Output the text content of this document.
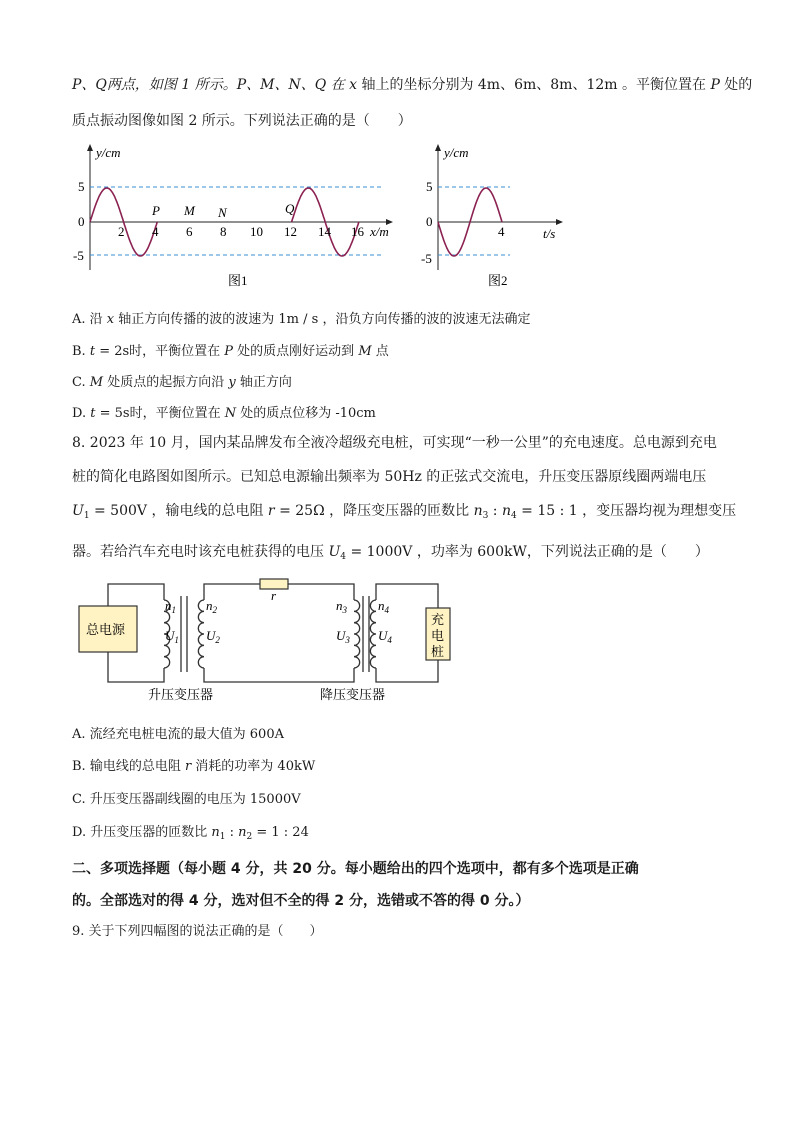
P、Q两点，如图 1 所示。P、M、N、Q 在 x 轴上的坐标分别为 4m、6m、8m、12m 。平衡位置在 P 处的
质点振动图像如图 2 所示。下列说法正确的是（　　）
y/cm
5
0
-5
2 4 6 8 10 12 14 16 x/m
P M N	Q
图1
y/cm
5
0
-5
4	t/s
图2
A. 沿 x 轴正方向传播的波的波速为 1m / s ，沿负方向传播的波的波速无法确定
B. t = 2s时，平衡位置在 P 处的质点刚好运动到 M 点
C. M 处质点的起振方向沿 y 轴正方向
D. t = 5s时，平衡位置在 N 处的质点位移为 -10cm
8. 2023 年 10 月，国内某品牌发布全液冷超级充电桩，可实现“一秒一公里”的充电速度。总电源到充电
桩的简化电路图如图所示。已知总电源输出频率为 50Hz 的正弦式交流电，升压变压器原线圈两端电压
$U_1 = 500V$ ，输电线的总电阻 r = 25Ω ，降压变压器的匝数比 $n_3$ : $n_4 = 15$ : 1 ，变压器均视为理想变压
器。若给汽车充电时该充电桩获得的电压 $U_4 = 1000V$ ，功率为 600kW，下列说法正确的是（　　）
r
总电源
充 电 桩
$n_1$
$U_1$
$n_2$
$U_2$
$n_3$
$U_3$
$n_4$
$U_4$
升压变压器	降压变压器
A. 流经充电桩电流的最大值为 600A
B. 输电线的总电阻 r 消耗的功率为 40kW
C. 升压变压器副线圈的电压为 15000V
D. 升压变压器的匝数比 $n_1$ : $n_2 = 1$ : 24
二、多项选择题（每小题 4 分，共 20 分。每小题给出的四个选项中，都有多个选项是正确
的。全部选对的得 4 分，选对但不全的得 2 分，选错或不答的得 0 分。）
9. 关于下列四幅图的说法正确的是（　　）
